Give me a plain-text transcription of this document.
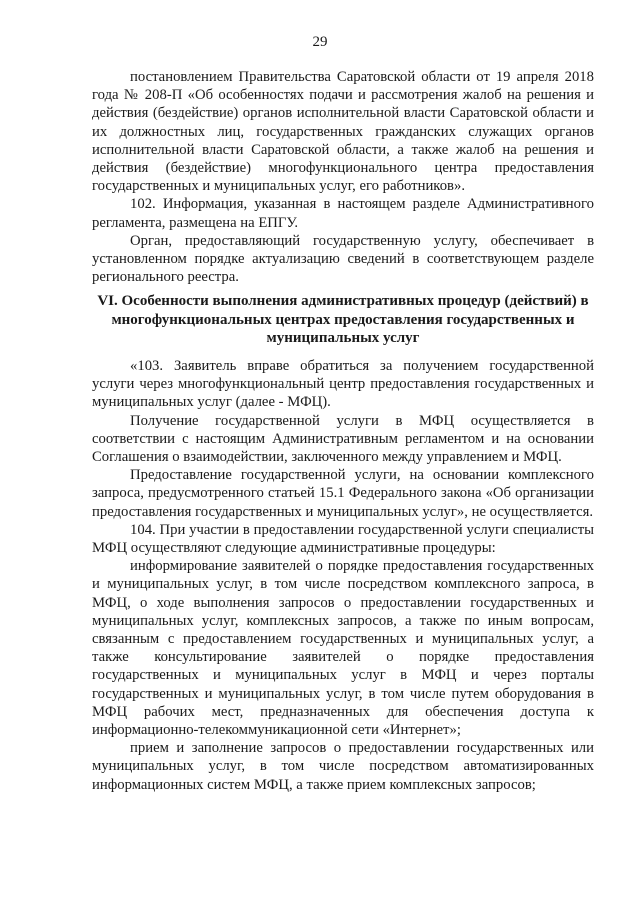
29

постановлением Правительства Саратовской области от 19 апреля 2018 года № 208-П «Об особенностях подачи и рассмотрения жалоб на решения и действия (бездействие) органов исполнительной власти Саратовской области и их должностных лиц, государственных гражданских служащих органов исполнительной власти Саратовской области, а также жалоб на решения и действия (бездействие) многофункционального центра предоставления государственных и муниципальных услуг, его работников».

102. Информация, указанная в настоящем разделе Административного регламента, размещена на ЕПГУ.

Орган, предоставляющий государственную услугу, обеспечивает в установленном порядке актуализацию сведений в соответствующем разделе регионального реестра.

VI. Особенности выполнения административных процедур (действий) в многофункциональных центрах предоставления государственных и муниципальных услуг

«103. Заявитель вправе обратиться за получением государственной услуги через многофункциональный центр предоставления государственных и муниципальных услуг (далее - МФЦ).

Получение государственной услуги в МФЦ осуществляется в соответствии с настоящим Административным регламентом и на основании Соглашения о взаимодействии, заключенного между управлением и МФЦ.

Предоставление государственной услуги, на основании комплексного запроса, предусмотренного статьей 15.1 Федерального закона «Об организации предоставления государственных и муниципальных услуг», не осуществляется.

104. При участии в предоставлении государственной услуги специалисты МФЦ осуществляют следующие административные процедуры:

информирование заявителей о порядке предоставления государственных и муниципальных услуг, в том числе посредством комплексного запроса, в МФЦ, о ходе выполнения запросов о предоставлении государственных и муниципальных услуг, комплексных запросов, а также по иным вопросам, связанным с предоставлением государственных и муниципальных услуг, а также консультирование заявителей о порядке предоставления государственных и муниципальных услуг в МФЦ и через порталы государственных и муниципальных услуг, в том числе путем оборудования в МФЦ рабочих мест, предназначенных для обеспечения доступа к информационно-телекоммуникационной сети «Интернет»;

прием и заполнение запросов о предоставлении государственных или муниципальных услуг, в том числе посредством автоматизированных информационных систем МФЦ, а также прием комплексных запросов;
